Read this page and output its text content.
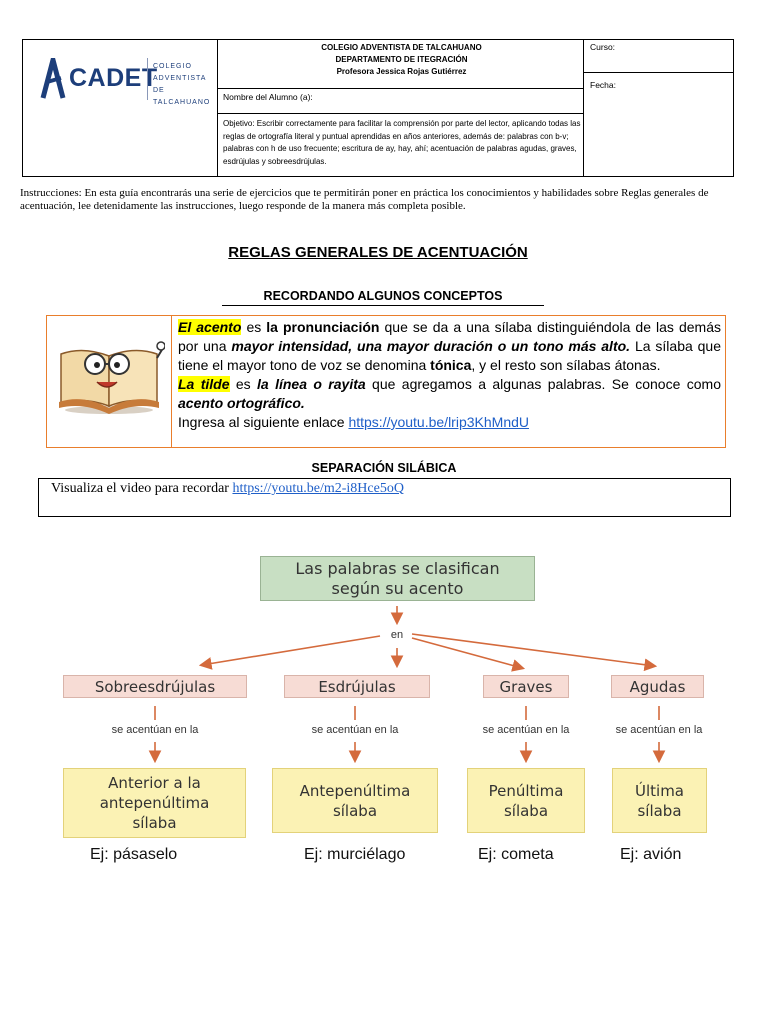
CADET
COLEGIO
ADVENTISTA
DE TALCAHUANO
COLEGIO ADVENTISTA DE TALCAHUANO
DEPARTAMENTO DE ITEGRACIÓN
Profesora Jessica Rojas Gutiérrez
Curso:
Fecha:
Nombre del Alumno (a):
Objetivo: Escribir correctamente para facilitar la comprensión por parte del lector, aplicando todas las reglas de ortografía literal y puntual aprendidas en años anteriores, además de: palabras con b-v; palabras con h de uso frecuente; escritura de ay, hay, ahí; acentuación de palabras agudas, graves, esdrújulas y sobreesdrújulas.
Instrucciones: En esta guía encontrarás una serie de ejercicios que te permitirán poner en práctica los conocimientos y habilidades sobre Reglas generales de acentuación, lee detenidamente las instrucciones, luego responde de la manera más completa posible.
REGLAS GENERALES DE ACENTUACIÓN
RECORDANDO ALGUNOS CONCEPTOS
El acento es la pronunciación que se da a una sílaba distinguiéndola de las demás por una mayor intensidad, una mayor duración o un tono más alto. La sílaba que tiene el mayor tono de voz se denomina tónica, y el resto son sílabas átonas.
La tilde es la línea o rayita que agregamos a algunas palabras. Se conoce como acento ortográfico.
Ingresa al siguiente enlace https://youtu.be/lrip3KhMndU
SEPARACIÓN SILÁBICA
Visualiza el video para recordar https://youtu.be/m2-i8Hce5oQ
Las palabras se clasifican
según su acento
en
Sobreesdrújulas	Esdrújulas	Graves	Agudas
se acentúan en la	se acentúan en la	se acentúan en la	se acentúan en la
Anterior a la
antepenúltima
sílaba
Antepenúltima
sílaba
Penúltima
sílaba
Última
sílaba
Ej: pásaselo	Ej: murciélago	Ej: cometa	Ej: avión
